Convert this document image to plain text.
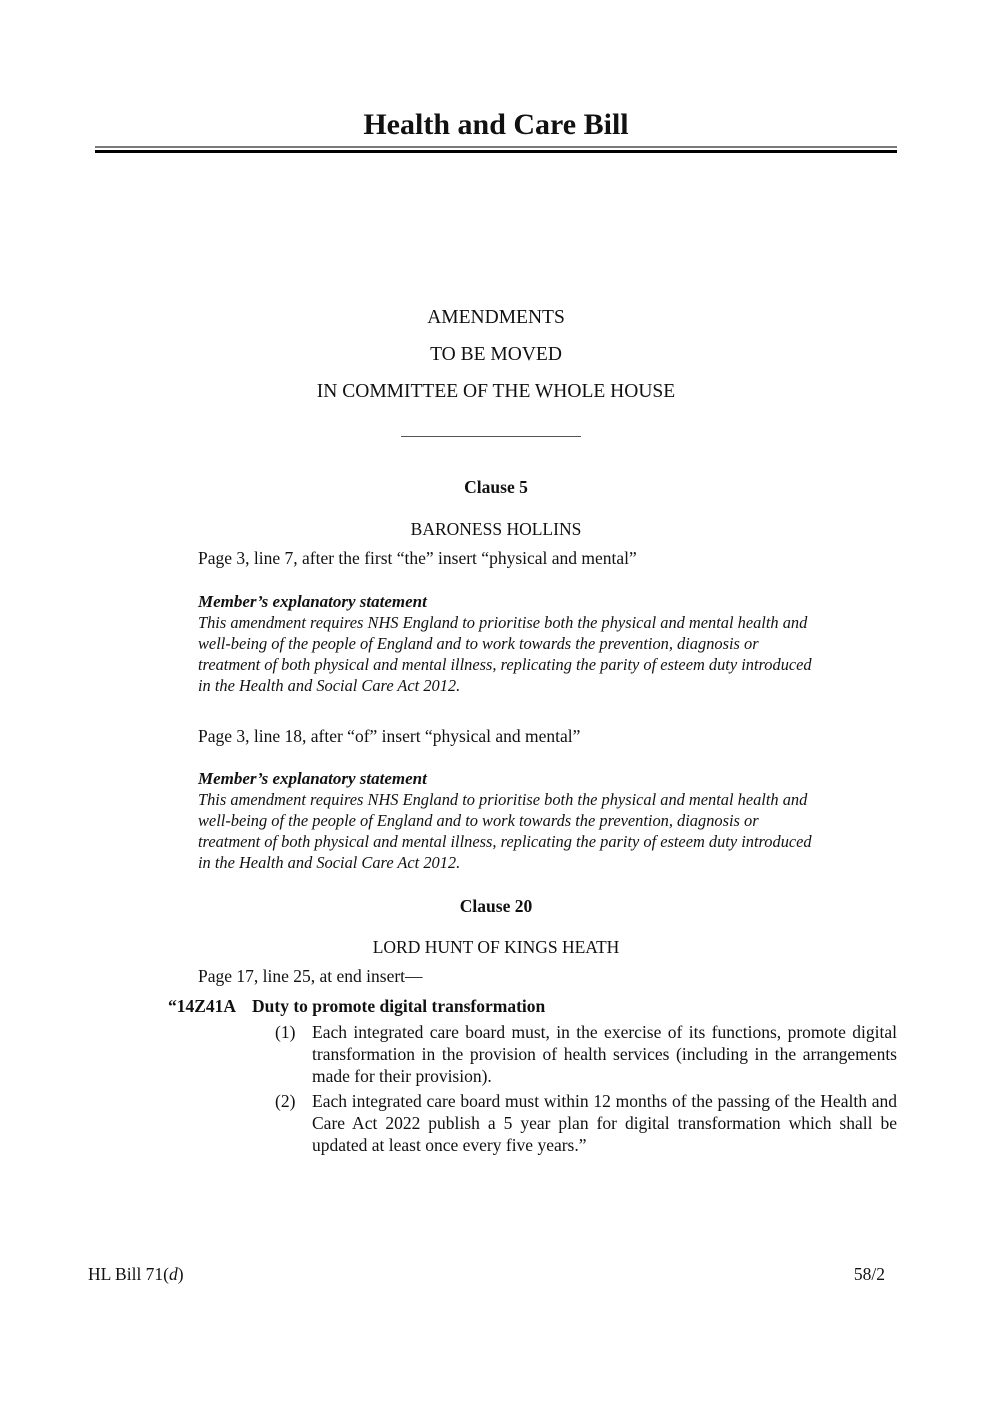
Health and Care Bill
AMENDMENTS
TO BE MOVED
IN COMMITTEE OF THE WHOLE HOUSE
Clause 5
BARONESS HOLLINS
Page 3, line 7, after the first “the” insert “physical and mental”
Member’s explanatory statement
This amendment requires NHS England to prioritise both the physical and mental health and
well-being of the people of England and to work towards the prevention, diagnosis or
treatment of both physical and mental illness, replicating the parity of esteem duty introduced
in the Health and Social Care Act 2012.
Page 3, line 18, after “of” insert “physical and mental”
Member’s explanatory statement
This amendment requires NHS England to prioritise both the physical and mental health and
well-being of the people of England and to work towards the prevention, diagnosis or
treatment of both physical and mental illness, replicating the parity of esteem duty introduced
in the Health and Social Care Act 2012.
Clause 20
LORD HUNT OF KINGS HEATH
Page 17, line 25, at end insert—
“14Z41A Duty to promote digital transformation
(1) Each integrated care board must, in the exercise of its functions, promote digital transformation in the provision of health services (including in the arrangements made for their provision).
(2) Each integrated care board must within 12 months of the passing of the Health and Care Act 2022 publish a 5 year plan for digital transformation which shall be updated at least once every five years.”
HL Bill 71(d)	58/2
